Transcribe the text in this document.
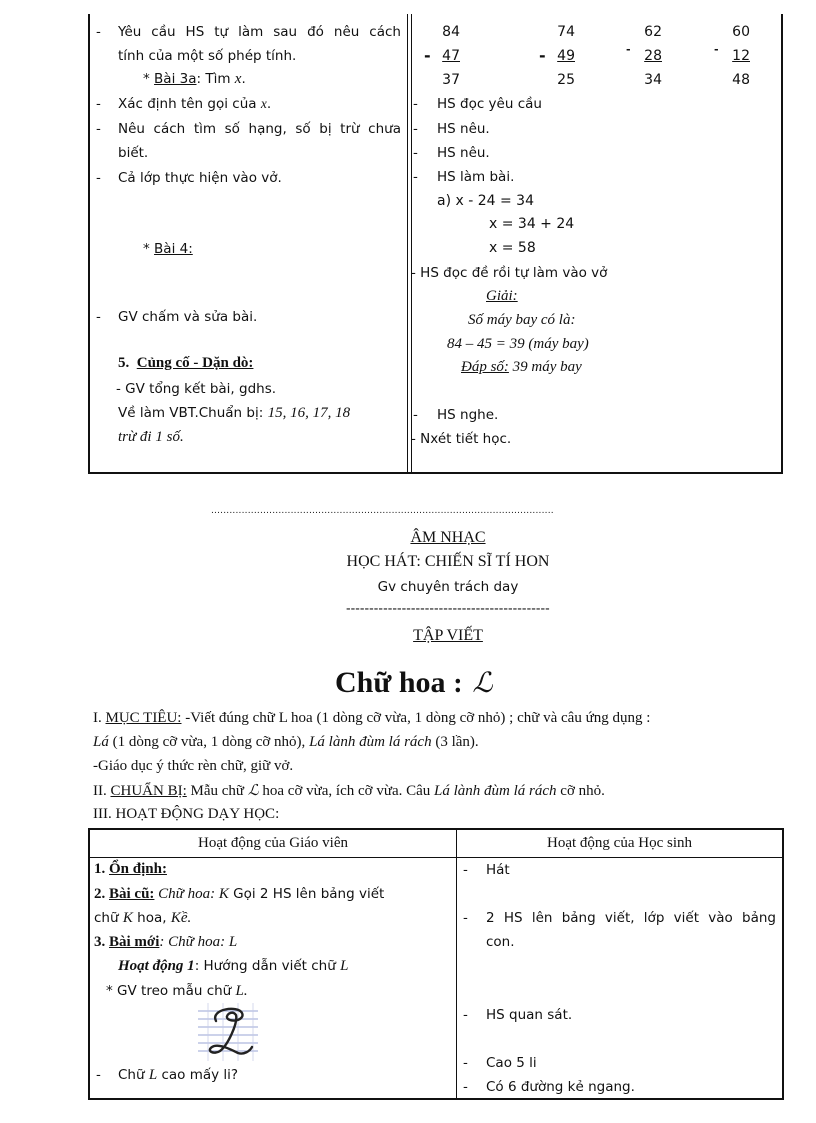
- Yêu cầu HS tự làm sau đó nêu cách
tính của một số phép tính.
* Bài 3a: Tìm x.
- Xác định tên gọi của x.
- Nêu cách tìm số hạng, số bị trừ chưa
biết.
- Cả lớp thực hiện vào vở.
* Bài 4:
- GV chấm và sửa bài.
5. Củng cố - Dặn dò:
- GV tổng kết bài, gdhs.
Về làm VBT.Chuẩn bị: 15, 16, 17, 18
trừ đi 1 số.
84
47
37
-
74
49
25
-
62
28
34
-
60
12
48
-
- HS đọc yêu cầu
- HS nêu.
- HS nêu.
- HS làm bài.
a) x - 24 = 34
x = 34 + 24
x = 58
- HS đọc đề rồi tự làm vào vở
Giải:
Số máy bay có là:
84 – 45 = 39 (máy bay)
Đáp số: 39 máy bay
- HS nghe.
- Nxét tiết học.
................................................................................................................
ÂM NHẠC
HỌC HÁT: CHIẾN SĨ TÍ HON
Gv chuyên trách day
--------------------------------------------
TẬP VIẾT
Chữ hoa : ℒ
I. MỤC TIÊU: -Viết đúng chữ L hoa (1 dòng cỡ vừa, 1 dòng cỡ nhỏ) ; chữ và câu ứng dụng :
Lá (1 dòng cỡ vừa, 1 dòng cỡ nhỏ), Lá lành đùm lá rách (3 lần).
-Giáo dục ý thức rèn chữ, giữ vở.
II. CHUẨN BỊ: Mẫu chữ ℒ hoa cỡ vừa, ích cỡ vừa. Câu Lá lành đùm lá rách cỡ nhỏ.
III. HOẠT ĐỘNG DẠY HỌC:
Hoạt động của Giáo viên	Hoạt động của Học sinh
1. Ổn định:
2. Bài cũ: Chữ hoa: K Gọi 2 HS lên bảng viết
chữ K hoa, Kề.
3. Bài mới: Chữ hoa: L
Hoạt động 1: Hướng dẫn viết chữ L
* GV treo mẫu chữ L.
- Chữ L cao mấy li?
- Hát
- 2 HS lên bảng viết, lớp viết vào bảng
con.
- HS quan sát.
- Cao 5 li
- Có 6 đường kẻ ngang.
